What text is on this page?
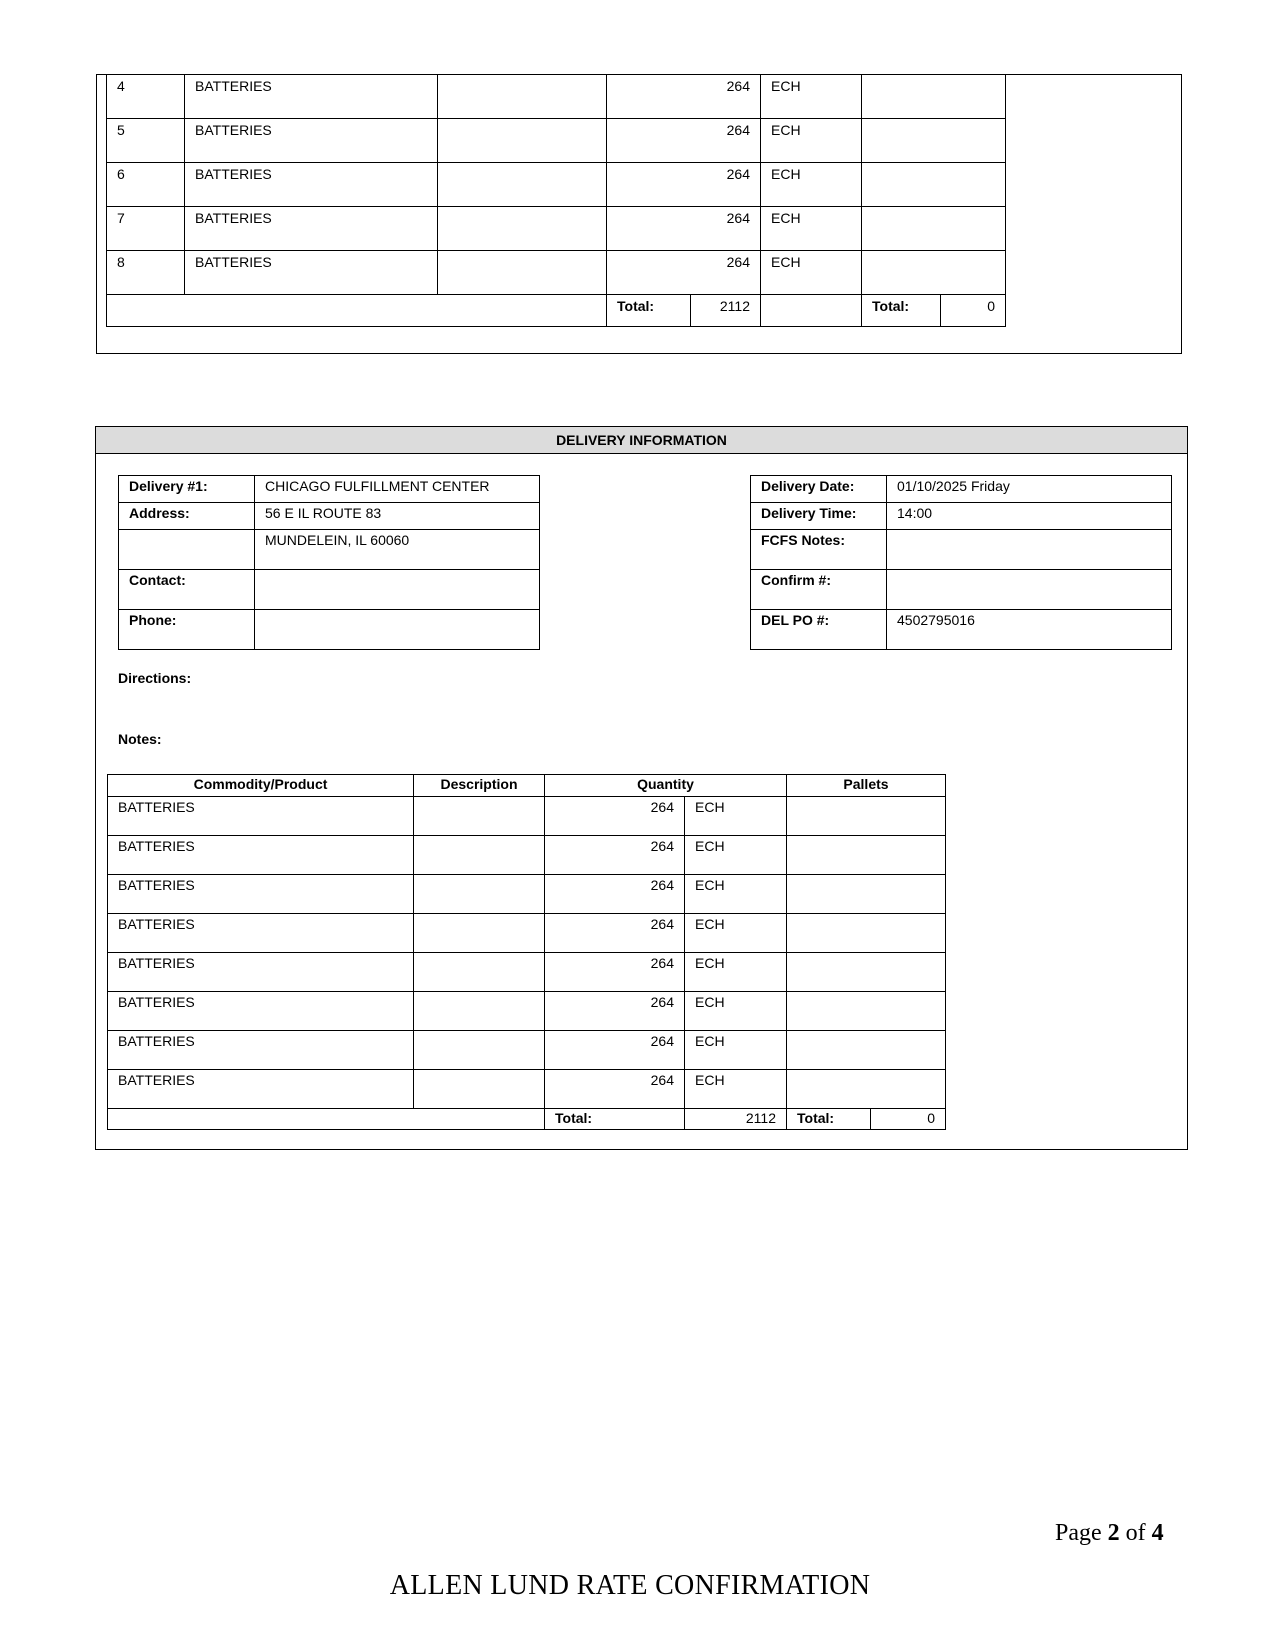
4	BATTERIES		264		ECH		
5	BATTERIES		264		ECH		
6	BATTERIES		264		ECH		
7	BATTERIES		264		ECH		
8	BATTERIES		264		ECH		
			Total:	2112		Total:	0
DELIVERY INFORMATION
Delivery #1:	CHICAGO FULFILLMENT CENTER
Address:	56 E IL ROUTE 83
	MUNDELEIN, IL 60060
Contact:	
Phone:	
Delivery Date:	01/10/2025 Friday
Delivery Time:	14:00
FCFS Notes:	
Confirm #:	
DEL PO #:	4502795016
Directions:
Notes:
Commodity/Product	Description	Quantity		Pallets	
BATTERIES		264	ECH		
BATTERIES		264	ECH		
BATTERIES		264	ECH		
BATTERIES		264	ECH		
BATTERIES		264	ECH		
BATTERIES		264	ECH		
BATTERIES		264	ECH		
BATTERIES		264	ECH		
		Total:	2112	Total:	0
Page 2 of 4
ALLEN LUND RATE CONFIRMATION
